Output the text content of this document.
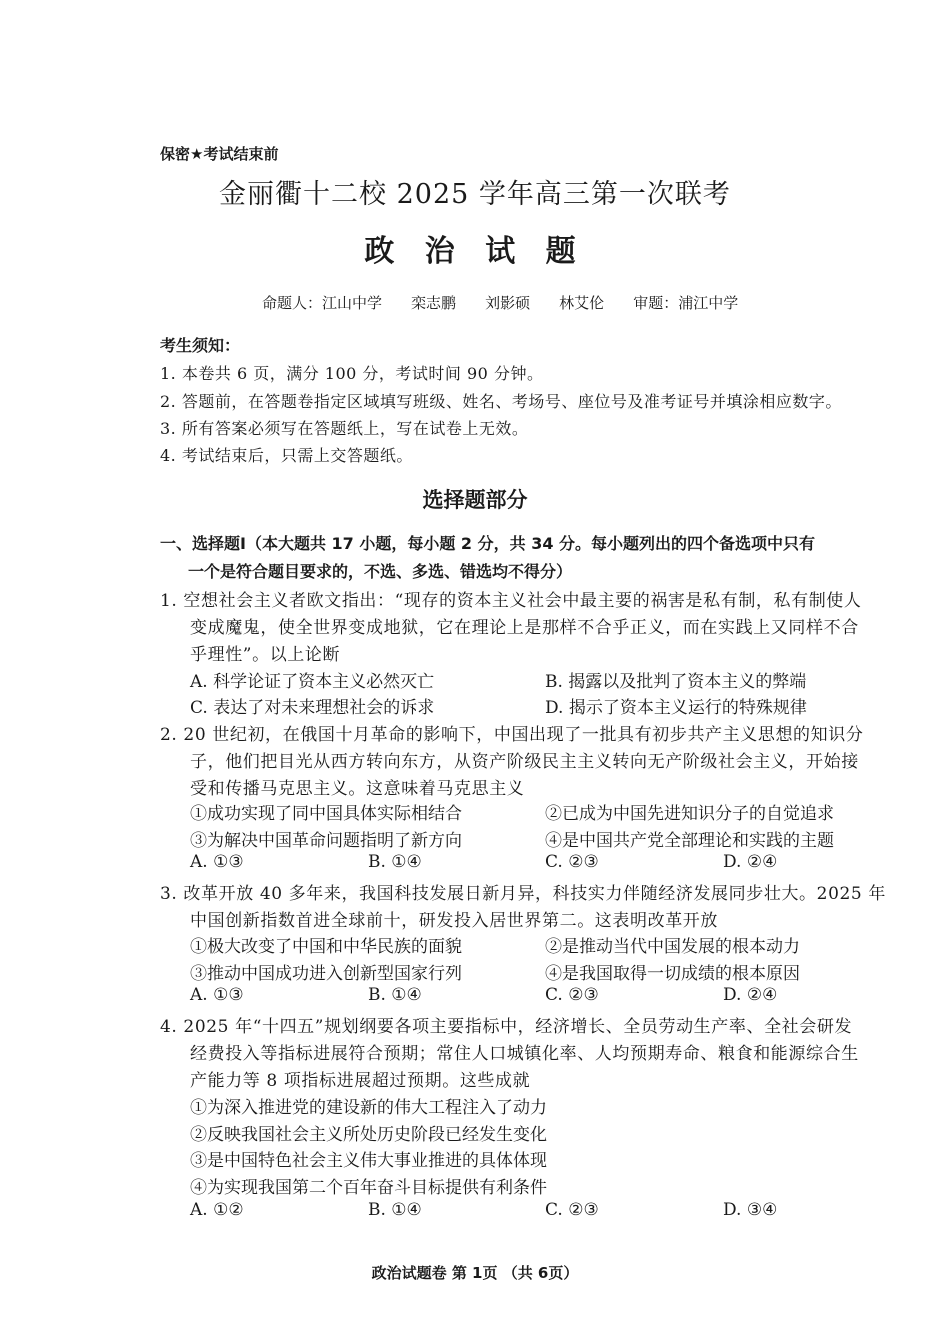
保密★考试结束前
金丽衢十二校 2025 学年高三第一次联考
政 治 试 题
命题人：江山中学 栾志鹏 刘影硕 林艾伦 审题：浦江中学
考生须知：
1. 本卷共 6 页，满分 100 分，考试时间 90 分钟。
2. 答题前，在答题卷指定区域填写班级、姓名、考场号、座位号及准考证号并填涂相应数字。
3. 所有答案必须写在答题纸上，写在试卷上无效。
4. 考试结束后，只需上交答题纸。
选择题部分
一、选择题Ⅰ（本大题共 17 小题，每小题 2 分，共 34 分。每小题列出的四个备选项中只有
一个是符合题目要求的，不选、多选、错选均不得分）
1. 空想社会主义者欧文指出：“现存的资本主义社会中最主要的祸害是私有制，私有制使人
变成魔鬼，使全世界变成地狱，它在理论上是那样不合乎正义，而在实践上又同样不合
乎理性”。以上论断
A. 科学论证了资本主义必然灭亡	B. 揭露以及批判了资本主义的弊端
C. 表达了对未来理想社会的诉求	D. 揭示了资本主义运行的特殊规律
2. 20 世纪初，在俄国十月革命的影响下，中国出现了一批具有初步共产主义思想的知识分
子，他们把目光从西方转向东方，从资产阶级民主主义转向无产阶级社会主义，开始接
受和传播马克思主义。这意味着马克思主义
①成功实现了同中国具体实际相结合	②已成为中国先进知识分子的自觉追求
③为解决中国革命问题指明了新方向	④是中国共产党全部理论和实践的主题
A. ①③	B. ①④	C. ②③	D. ②④
3. 改革开放 40 多年来，我国科技发展日新月异，科技实力伴随经济发展同步壮大。2025 年
中国创新指数首进全球前十，研发投入居世界第二。这表明改革开放
①极大改变了中国和中华民族的面貌	②是推动当代中国发展的根本动力
③推动中国成功进入创新型国家行列	④是我国取得一切成绩的根本原因
A. ①③	B. ①④	C. ②③	D. ②④
4. 2025 年“十四五”规划纲要各项主要指标中，经济增长、全员劳动生产率、全社会研发
经费投入等指标进展符合预期；常住人口城镇化率、人均预期寿命、粮食和能源综合生
产能力等 8 项指标进展超过预期。这些成就
①为深入推进党的建设新的伟大工程注入了动力
②反映我国社会主义所处历史阶段已经发生变化
③是中国特色社会主义伟大事业推进的具体体现
④为实现我国第二个百年奋斗目标提供有利条件
A. ①②	B. ①④	C. ②③	D. ③④
政治试题卷 第 1页 （共 6页）
